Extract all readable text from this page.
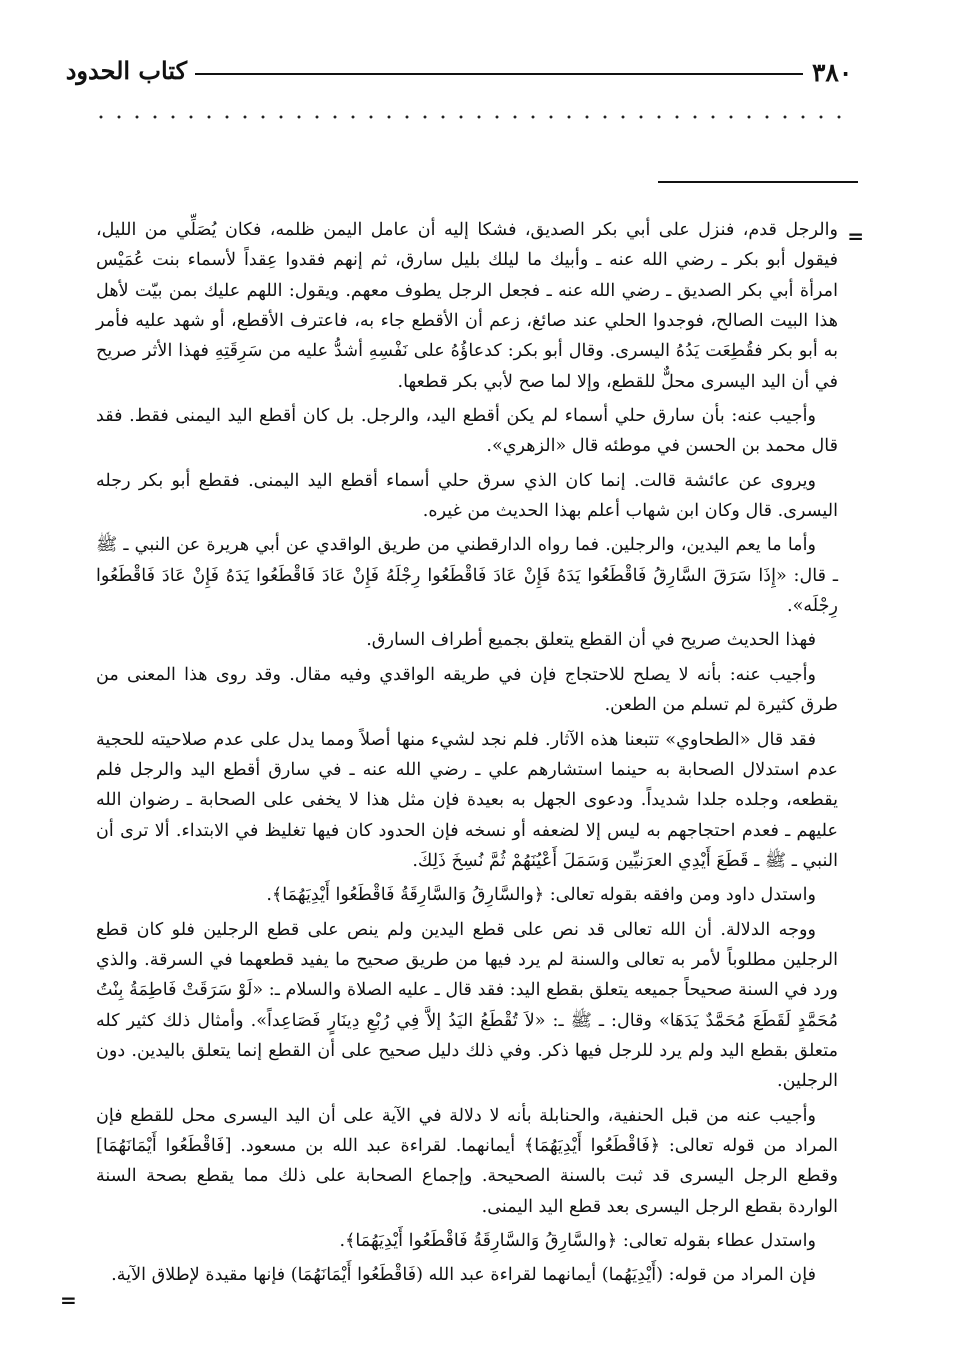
٣٨٠
كتاب الحدود
=

والرجل قدم، فنزل على أبي بكر الصديق، فشكا إليه أن عامل اليمن ظلمه، فكان يُصَلِّي من الليل، فيقول أبو بكر ـ رضي الله عنه ـ وأبيك ما ليلك بليل سارق، ثم إنهم فقدوا عِقداً لأسماء بنت عُمَيْس امرأة أبي بكر الصديق ـ رضي الله عنه ـ فجعل الرجل يطوف معهم. ويقول: اللهم عليك بمن بيّت لأهل هذا البيت الصالح، فوجدوا الحلي عند صائغ، زعم أن الأقطع جاء به، فاعترف الأقطع، أو شهد عليه فأمر به أبو بكر فقُطِعَت يَدُهُ اليسرى. وقال أبو بكر: كدعاؤُهُ على نَفْسِهِ أشدُّ عليه من سَرِقَتِهِ فهذا الأثر صريح في أن اليد اليسرى محلٌّ للقطع، وإلا لما صح لأبي بكر قطعها.

وأجيب عنه: بأن سارق حلي أسماء لم يكن أقطع اليد، والرجل. بل كان أقطع اليد اليمنى فقط. فقد قال محمد بن الحسن في موطئه قال «الزهري».

ويروى عن عائشة قالت. إنما كان الذي سرق حلي أسماء أقطع اليد اليمنى. فقطع أبو بكر رجله اليسرى. قال وكان ابن شهاب أعلم بهذا الحديث من غيره.

وأما ما يعم اليدين، والرجلين. فما رواه الدارقطني من طريق الواقدي عن أبي هريرة عن النبي ـ ﷺ ـ قال: «إِذَا سَرَقَ السَّارِقُ فَاقْطَعُوا يَدَهُ فَإِنْ عَادَ فَاقْطَعُوا رِجْلَهُ فَإِنْ عَادَ فَاقْطَعُوا يَدَهُ فَإِنْ عَادَ فَاقْطَعُوا رِجْلَه».

فهذا الحديث صريح في أن القطع يتعلق بجميع أطراف السارق.

وأجيب عنه: بأنه لا يصلح للاحتجاج فإن في طريقه الواقدي وفيه مقال. وقد روى هذا المعنى من طرق كثيرة لم تسلم من الطعن.

فقد قال «الطحاوي» تتبعنا هذه الآثار. فلم نجد لشيء منها أصلاً ومما يدل على عدم صلاحيته للحجية عدم استدلال الصحابة به حينما استشارهم علي ـ رضي الله عنه ـ في سارق أقطع اليد والرجل فلم يقطعه، وجلده جلدا شديداً. ودعوى الجهل به بعيدة فإن مثل هذا لا يخفى على الصحابة ـ رضوان الله عليهم ـ فعدم احتجاجهم به ليس إلا لضعفه أو نسخه فإن الحدود كان فيها تغليظ في الابتداء. ألا ترى أن النبي ـ ﷺ ـ قَطَعَ أَيْدِي العرَنيِّين وَسَمَلَ أَعْيُنَهُمْ ثُمَّ نُسِخَ ذَلِكَ.

واستدل داود ومن وافقه بقوله تعالى: ﴿والسَّارِقُ وَالسَّارِقَةُ فَاقْطَعُوا أَيْدِيَهُمَا﴾.

ووجه الدلالة. أن الله تعالى قد نص على قطع اليدين ولم ينص على قطع الرجلين فلو كان قطع الرجلين مطلوباً لأمر به تعالى والسنة لم يرد فيها من طريق صحيح ما يفيد قطعهما في السرقة. والذي ورد في السنة صحيحاً جميعه يتعلق بقطع اليد: فقد قال ـ عليه الصلاة والسلام ـ: «لَوْ سَرَقَتْ فَاطِمَةُ بِنْتُ مُحَمَّدٍ لَقَطَعَ مُحَمَّدٌ يَدَهَا» وقال: ـ ﷺ ـ: «لاَ تُقْطَعُ اليَدُ إلاَّ فِي رُبْعِ دِينَارٍ فَصَاعِداً». وأمثال ذلك كثير كله متعلق بقطع اليد ولم يرد للرجل فيها ذكر. وفي ذلك دليل صحيح على أن القطع إنما يتعلق باليدين. دون الرجلين.

وأجيب عنه من قبل الحنفية، والحنابلة بأنه لا دلالة في الآية على أن اليد اليسرى محل للقطع فإن المراد من قوله تعالى: ﴿فَاقْطَعُوا أَيْدِيَهُمَا﴾ أيمانهما. لقراءة عبد الله بن مسعود. [فَاقْطَعُوا أَيْمَانَهُمَا] وقطع الرجل اليسرى قد ثبت بالسنة الصحيحة. وإجماع الصحابة على ذلك مما يقطع بصحة السنة الواردة بقطع الرجل اليسرى بعد قطع اليد اليمنى.

واستدل عطاء بقوله تعالى: ﴿والسَّارِقُ وَالسَّارِقَةُ فَاقْطَعُوا أَيْدِيَهُمَا﴾.

فإن المراد من قوله: (أَيْدِيَهُما) أيمانهما لقراءة عبد الله (فَاقْطَعُوا أَيْمَانَهُمَا) فإنها مقيدة لإطلاق الآية.

=
